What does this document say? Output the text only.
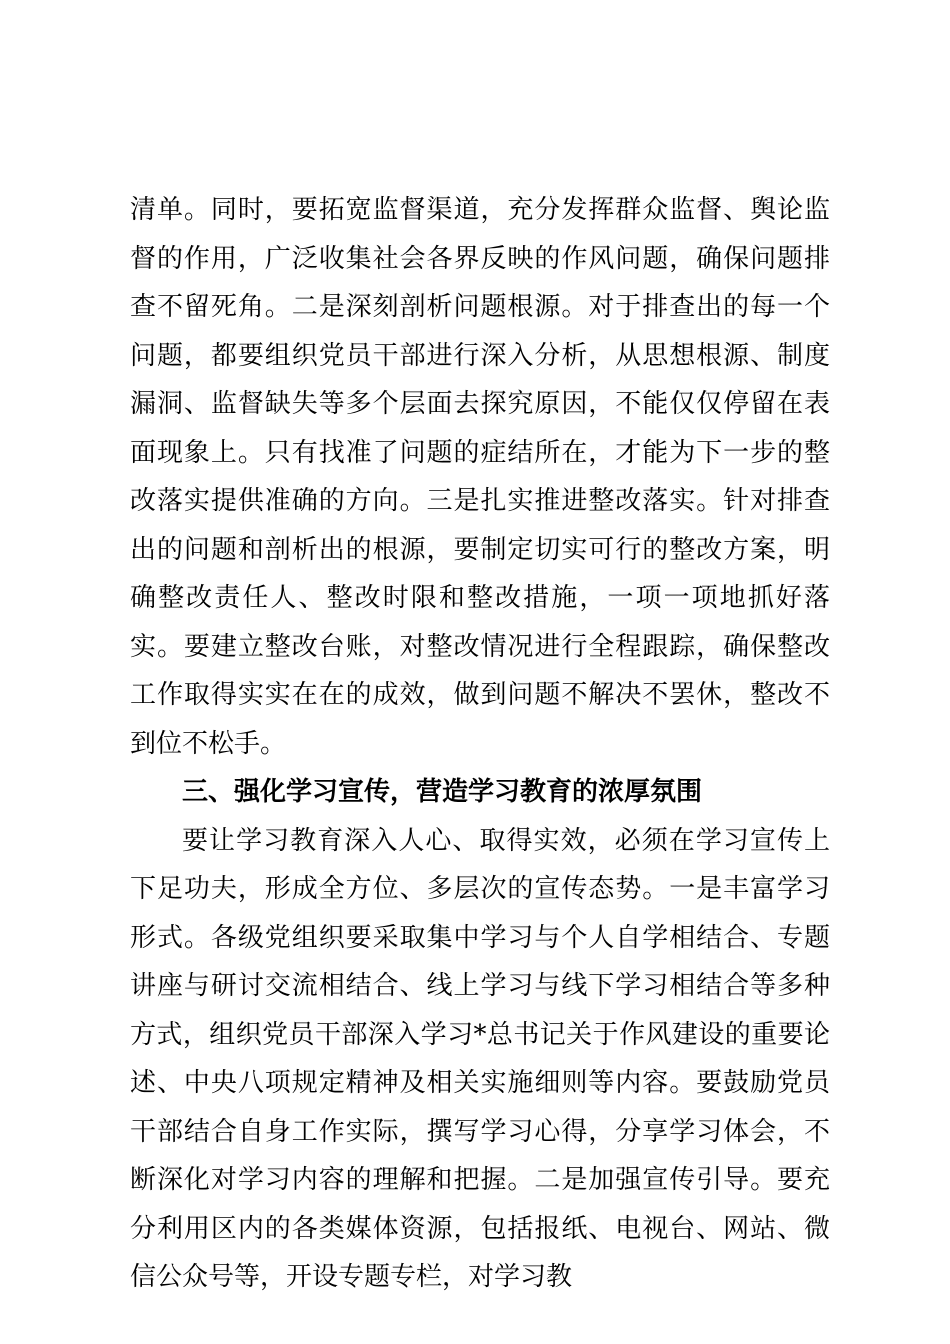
清单。同时，要拓宽监督渠道，充分发挥群众监督、舆论监督的作用，广泛收集社会各界反映的作风问题，确保问题排查不留死角。二是深刻剖析问题根源。对于排查出的每一个问题，都要组织党员干部进行深入分析，从思想根源、制度漏洞、监督缺失等多个层面去探究原因，不能仅仅停留在表面现象上。只有找准了问题的症结所在，才能为下一步的整改落实提供准确的方向。三是扎实推进整改落实。针对排查出的问题和剖析出的根源，要制定切实可行的整改方案，明确整改责任人、整改时限和整改措施，一项一项地抓好落实。要建立整改台账，对整改情况进行全程跟踪，确保整改工作取得实实在在的成效，做到问题不解决不罢休，整改不到位不松手。

三、强化学习宣传，营造学习教育的浓厚氛围

要让学习教育深入人心、取得实效，必须在学习宣传上下足功夫，形成全方位、多层次的宣传态势。一是丰富学习形式。各级党组织要采取集中学习与个人自学相结合、专题讲座与研讨交流相结合、线上学习与线下学习相结合等多种方式，组织党员干部深入学习*总书记关于作风建设的重要论述、中央八项规定精神及相关实施细则等内容。要鼓励党员干部结合自身工作实际，撰写学习心得，分享学习体会，不断深化对学习内容的理解和把握。二是加强宣传引导。要充分利用区内的各类媒体资源，包括报纸、电视台、网站、微信公众号等，开设专题专栏，对学习教
